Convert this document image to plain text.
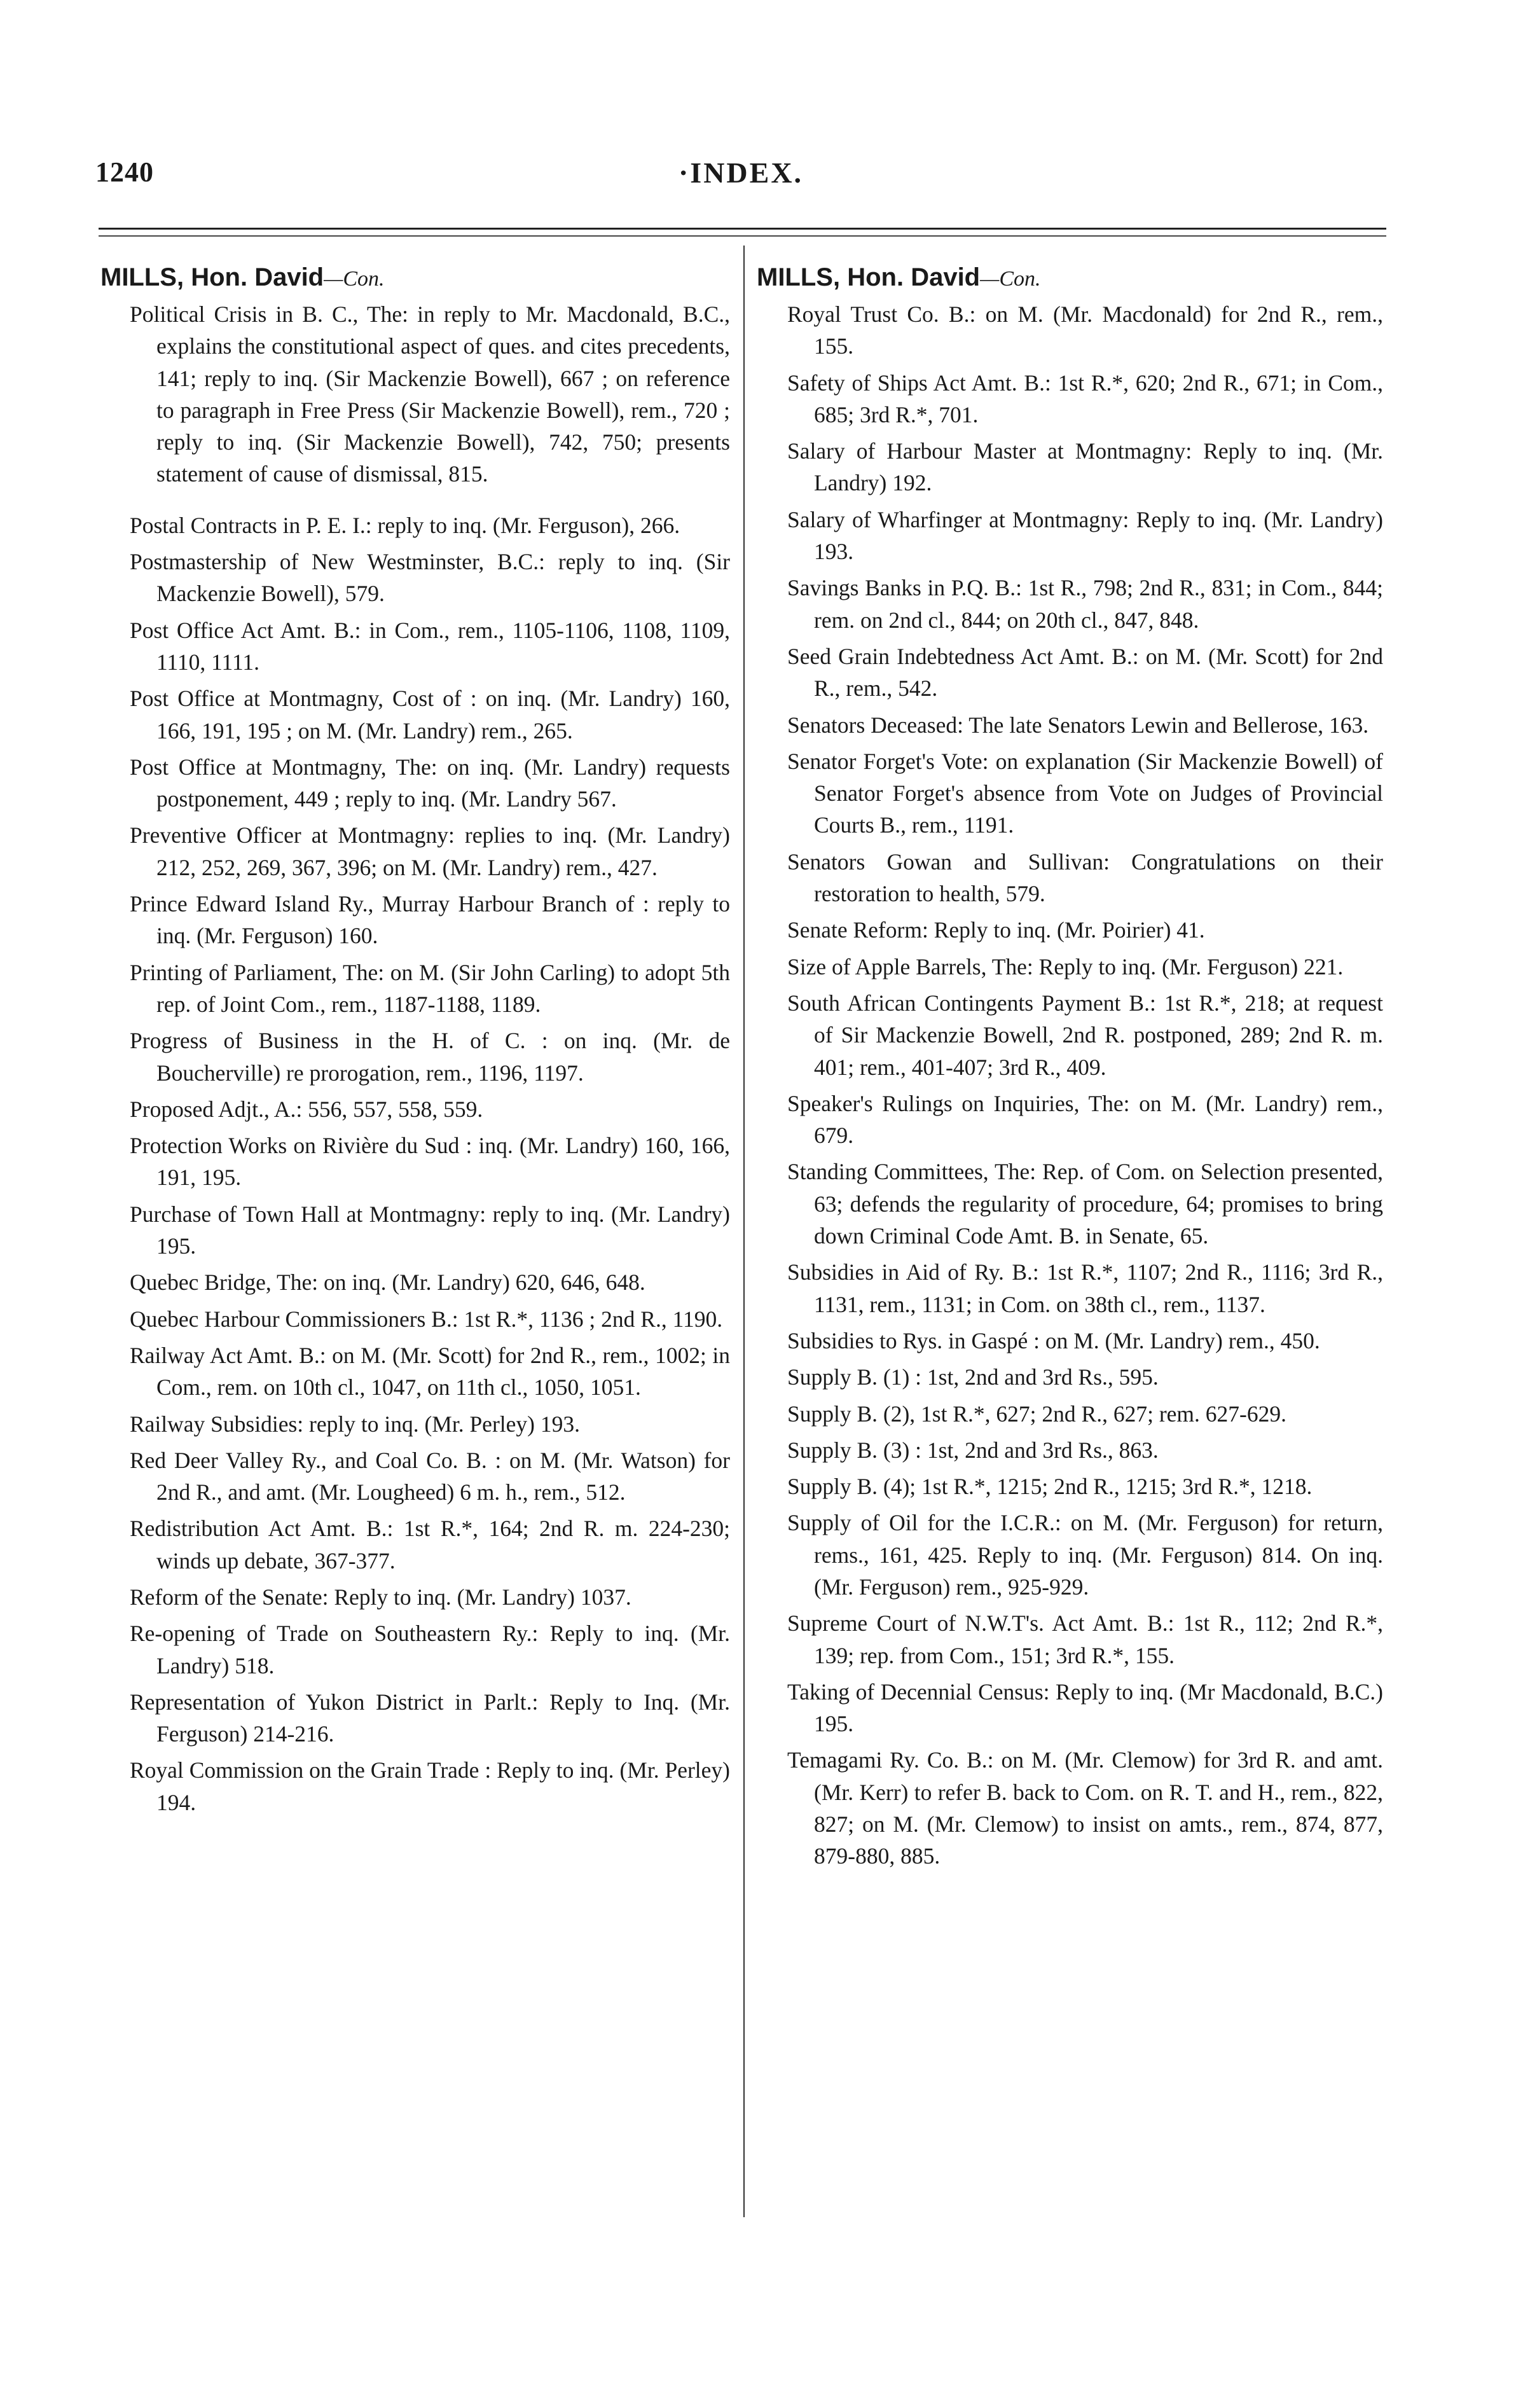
1240	·INDEX.
MILLS, Hon. David—Con.
Political Crisis in B. C., The: in reply to Mr. Macdonald, B.C., explains the constitutional aspect of ques. and cites precedents, 141; reply to inq. (Sir Mackenzie Bowell), 667 ; on reference to paragraph in Free Press (Sir Mackenzie Bowell), rem., 720 ; reply to inq. (Sir Mackenzie Bowell), 742, 750; presents statement of cause of dismissal, 815.
Postal Contracts in P. E. I.: reply to inq. (Mr. Ferguson), 266.
Postmastership of New Westminster, B.C.: reply to inq. (Sir Mackenzie Bowell), 579.
Post Office Act Amt. B.: in Com., rem., 1105-1106, 1108, 1109, 1110, 1111.
Post Office at Montmagny, Cost of : on inq. (Mr. Landry) 160, 166, 191, 195 ; on M. (Mr. Landry) rem., 265.
Post Office at Montmagny, The: on inq. (Mr. Landry) requests postponement, 449 ; reply to inq. (Mr. Landry 567.
Preventive Officer at Montmagny: replies to inq. (Mr. Landry) 212, 252, 269, 367, 396; on M. (Mr. Landry) rem., 427.
Prince Edward Island Ry., Murray Harbour Branch of : reply to inq. (Mr. Ferguson) 160.
Printing of Parliament, The: on M. (Sir John Carling) to adopt 5th rep. of Joint Com., rem., 1187-1188, 1189.
Progress of Business in the H. of C. : on inq. (Mr. de Boucherville) re prorogation, rem., 1196, 1197.
Proposed Adjt., A.: 556, 557, 558, 559.
Protection Works on Rivière du Sud : inq. (Mr. Landry) 160, 166, 191, 195.
Purchase of Town Hall at Montmagny: reply to inq. (Mr. Landry) 195.
Quebec Bridge, The: on inq. (Mr. Landry) 620, 646, 648.
Quebec Harbour Commissioners B.: 1st R.*, 1136 ; 2nd R., 1190.
Railway Act Amt. B.: on M. (Mr. Scott) for 2nd R., rem., 1002; in Com., rem. on 10th cl., 1047, on 11th cl., 1050, 1051.
Railway Subsidies: reply to inq. (Mr. Perley) 193.
Red Deer Valley Ry., and Coal Co. B. : on M. (Mr. Watson) for 2nd R., and amt. (Mr. Lougheed) 6 m. h., rem., 512.
Redistribution Act Amt. B.: 1st R.*, 164; 2nd R. m. 224-230; winds up debate, 367-377.
Reform of the Senate: Reply to inq. (Mr. Landry) 1037.
Re-opening of Trade on Southeastern Ry.: Reply to inq. (Mr. Landry) 518.
Representation of Yukon District in Parlt.: Reply to Inq. (Mr. Ferguson) 214-216.
Royal Commission on the Grain Trade : Reply to inq. (Mr. Perley) 194.
MILLS, Hon. David—Con.
Royal Trust Co. B.: on M. (Mr. Macdonald) for 2nd R., rem., 155.
Safety of Ships Act Amt. B.: 1st R.*, 620; 2nd R., 671; in Com., 685; 3rd R.*, 701.
Salary of Harbour Master at Montmagny: Reply to inq. (Mr. Landry) 192.
Salary of Wharfinger at Montmagny: Reply to inq. (Mr. Landry) 193.
Savings Banks in P.Q. B.: 1st R., 798; 2nd R., 831; in Com., 844; rem. on 2nd cl., 844; on 20th cl., 847, 848.
Seed Grain Indebtedness Act Amt. B.: on M. (Mr. Scott) for 2nd R., rem., 542.
Senators Deceased: The late Senators Lewin and Bellerose, 163.
Senator Forget's Vote: on explanation (Sir Mackenzie Bowell) of Senator Forget's absence from Vote on Judges of Provincial Courts B., rem., 1191.
Senators Gowan and Sullivan: Congratulations on their restoration to health, 579.
Senate Reform: Reply to inq. (Mr. Poirier) 41.
Size of Apple Barrels, The: Reply to inq. (Mr. Ferguson) 221.
South African Contingents Payment B.: 1st R.*, 218; at request of Sir Mackenzie Bowell, 2nd R. postponed, 289; 2nd R. m. 401; rem., 401-407; 3rd R., 409.
Speaker's Rulings on Inquiries, The: on M. (Mr. Landry) rem., 679.
Standing Committees, The: Rep. of Com. on Selection presented, 63; defends the regularity of procedure, 64; promises to bring down Criminal Code Amt. B. in Senate, 65.
Subsidies in Aid of Ry. B.: 1st R.*, 1107; 2nd R., 1116; 3rd R., 1131, rem., 1131; in Com. on 38th cl., rem., 1137.
Subsidies to Rys. in Gaspé : on M. (Mr. Landry) rem., 450.
Supply B. (1) : 1st, 2nd and 3rd Rs., 595.
Supply B. (2), 1st R.*, 627; 2nd R., 627; rem. 627-629.
Supply B. (3) : 1st, 2nd and 3rd Rs., 863.
Supply B. (4); 1st R.*, 1215; 2nd R., 1215; 3rd R.*, 1218.
Supply of Oil for the I.C.R.: on M. (Mr. Ferguson) for return, rems., 161, 425. Reply to inq. (Mr. Ferguson) 814. On inq. (Mr. Ferguson) rem., 925-929.
Supreme Court of N.W.T's. Act Amt. B.: 1st R., 112; 2nd R.*, 139; rep. from Com., 151; 3rd R.*, 155.
Taking of Decennial Census: Reply to inq. (Mr Macdonald, B.C.) 195.
Temagami Ry. Co. B.: on M. (Mr. Clemow) for 3rd R. and amt. (Mr. Kerr) to refer B. back to Com. on R. T. and H., rem., 822, 827; on M. (Mr. Clemow) to insist on amts., rem., 874, 877, 879-880, 885.
